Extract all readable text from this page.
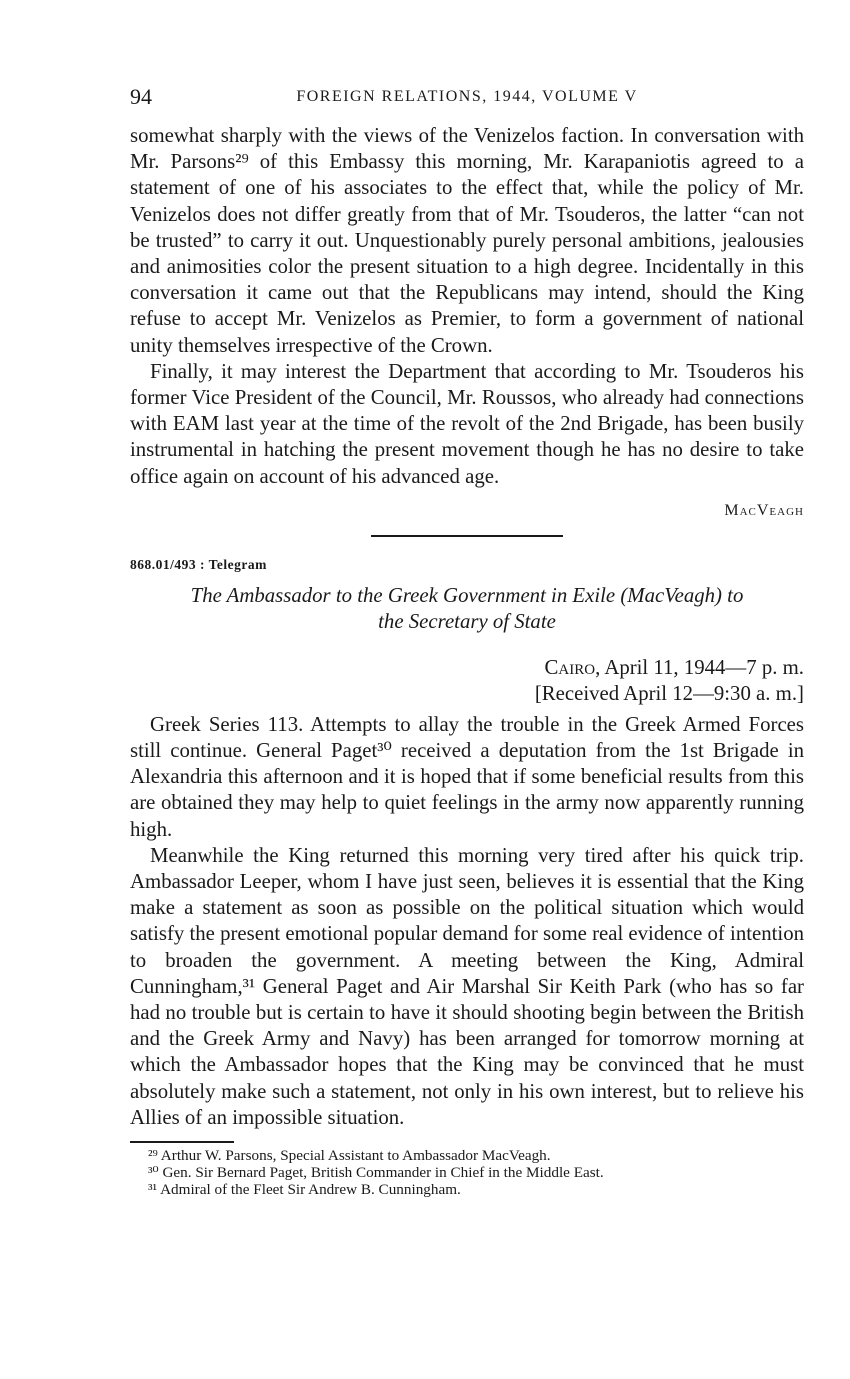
94	FOREIGN RELATIONS, 1944, VOLUME V

somewhat sharply with the views of the Venizelos faction. In conversation with Mr. Parsons²⁹ of this Embassy this morning, Mr. Karapaniotis agreed to a statement of one of his associates to the effect that, while the policy of Mr. Venizelos does not differ greatly from that of Mr. Tsouderos, the latter “can not be trusted” to carry it out. Unquestionably purely personal ambitions, jealousies and animosities color the present situation to a high degree. Incidentally in this conversation it came out that the Republicans may intend, should the King refuse to accept Mr. Venizelos as Premier, to form a government of national unity themselves irrespective of the Crown.

Finally, it may interest the Department that according to Mr. Tsouderos his former Vice President of the Council, Mr. Roussos, who already had connections with EAM last year at the time of the revolt of the 2nd Brigade, has been busily instrumental in hatching the present movement though he has no desire to take office again on account of his advanced age.

MacVeagh
868.01/493 : Telegram
The Ambassador to the Greek Government in Exile (MacVeagh) to
the Secretary of State
Cairo, April 11, 1944—7 p. m.
[Received April 12—9:30 a. m.]

Greek Series 113. Attempts to allay the trouble in the Greek Armed Forces still continue. General Paget³⁰ received a deputation from the 1st Brigade in Alexandria this afternoon and it is hoped that if some beneficial results from this are obtained they may help to quiet feelings in the army now apparently running high.

Meanwhile the King returned this morning very tired after his quick trip. Ambassador Leeper, whom I have just seen, believes it is essential that the King make a statement as soon as possible on the political situation which would satisfy the present emotional popular demand for some real evidence of intention to broaden the government. A meeting between the King, Admiral Cunningham,³¹ General Paget and Air Marshal Sir Keith Park (who has so far had no trouble but is certain to have it should shooting begin between the British and the Greek Army and Navy) has been arranged for tomorrow morning at which the Ambassador hopes that the King may be convinced that he must absolutely make such a statement, not only in his own interest, but to relieve his Allies of an impossible situation.

²⁹ Arthur W. Parsons, Special Assistant to Ambassador MacVeagh.
³⁰ Gen. Sir Bernard Paget, British Commander in Chief in the Middle East.
³¹ Admiral of the Fleet Sir Andrew B. Cunningham.
